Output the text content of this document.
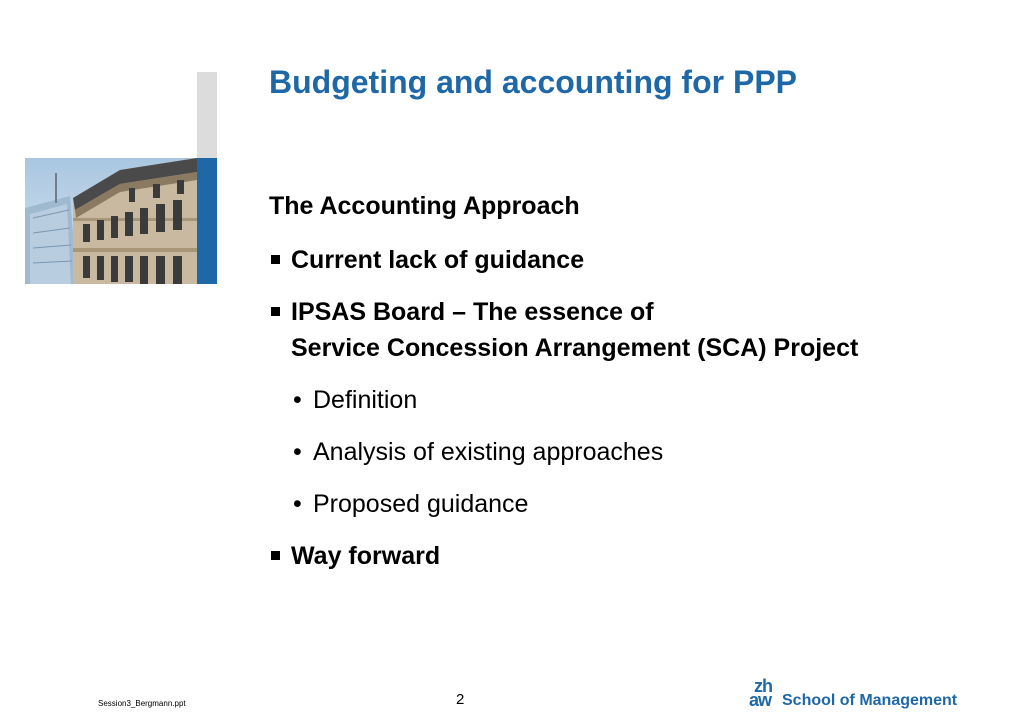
Budgeting and accounting for PPP
The Accounting Approach
Current lack of guidance
IPSAS Board – The essence of
Service Concession Arrangement (SCA) Project
• Definition
• Analysis of existing approaches
• Proposed guidance
Way forward
Session3_Bergmann.ppt	2
zh
aw School of Management
